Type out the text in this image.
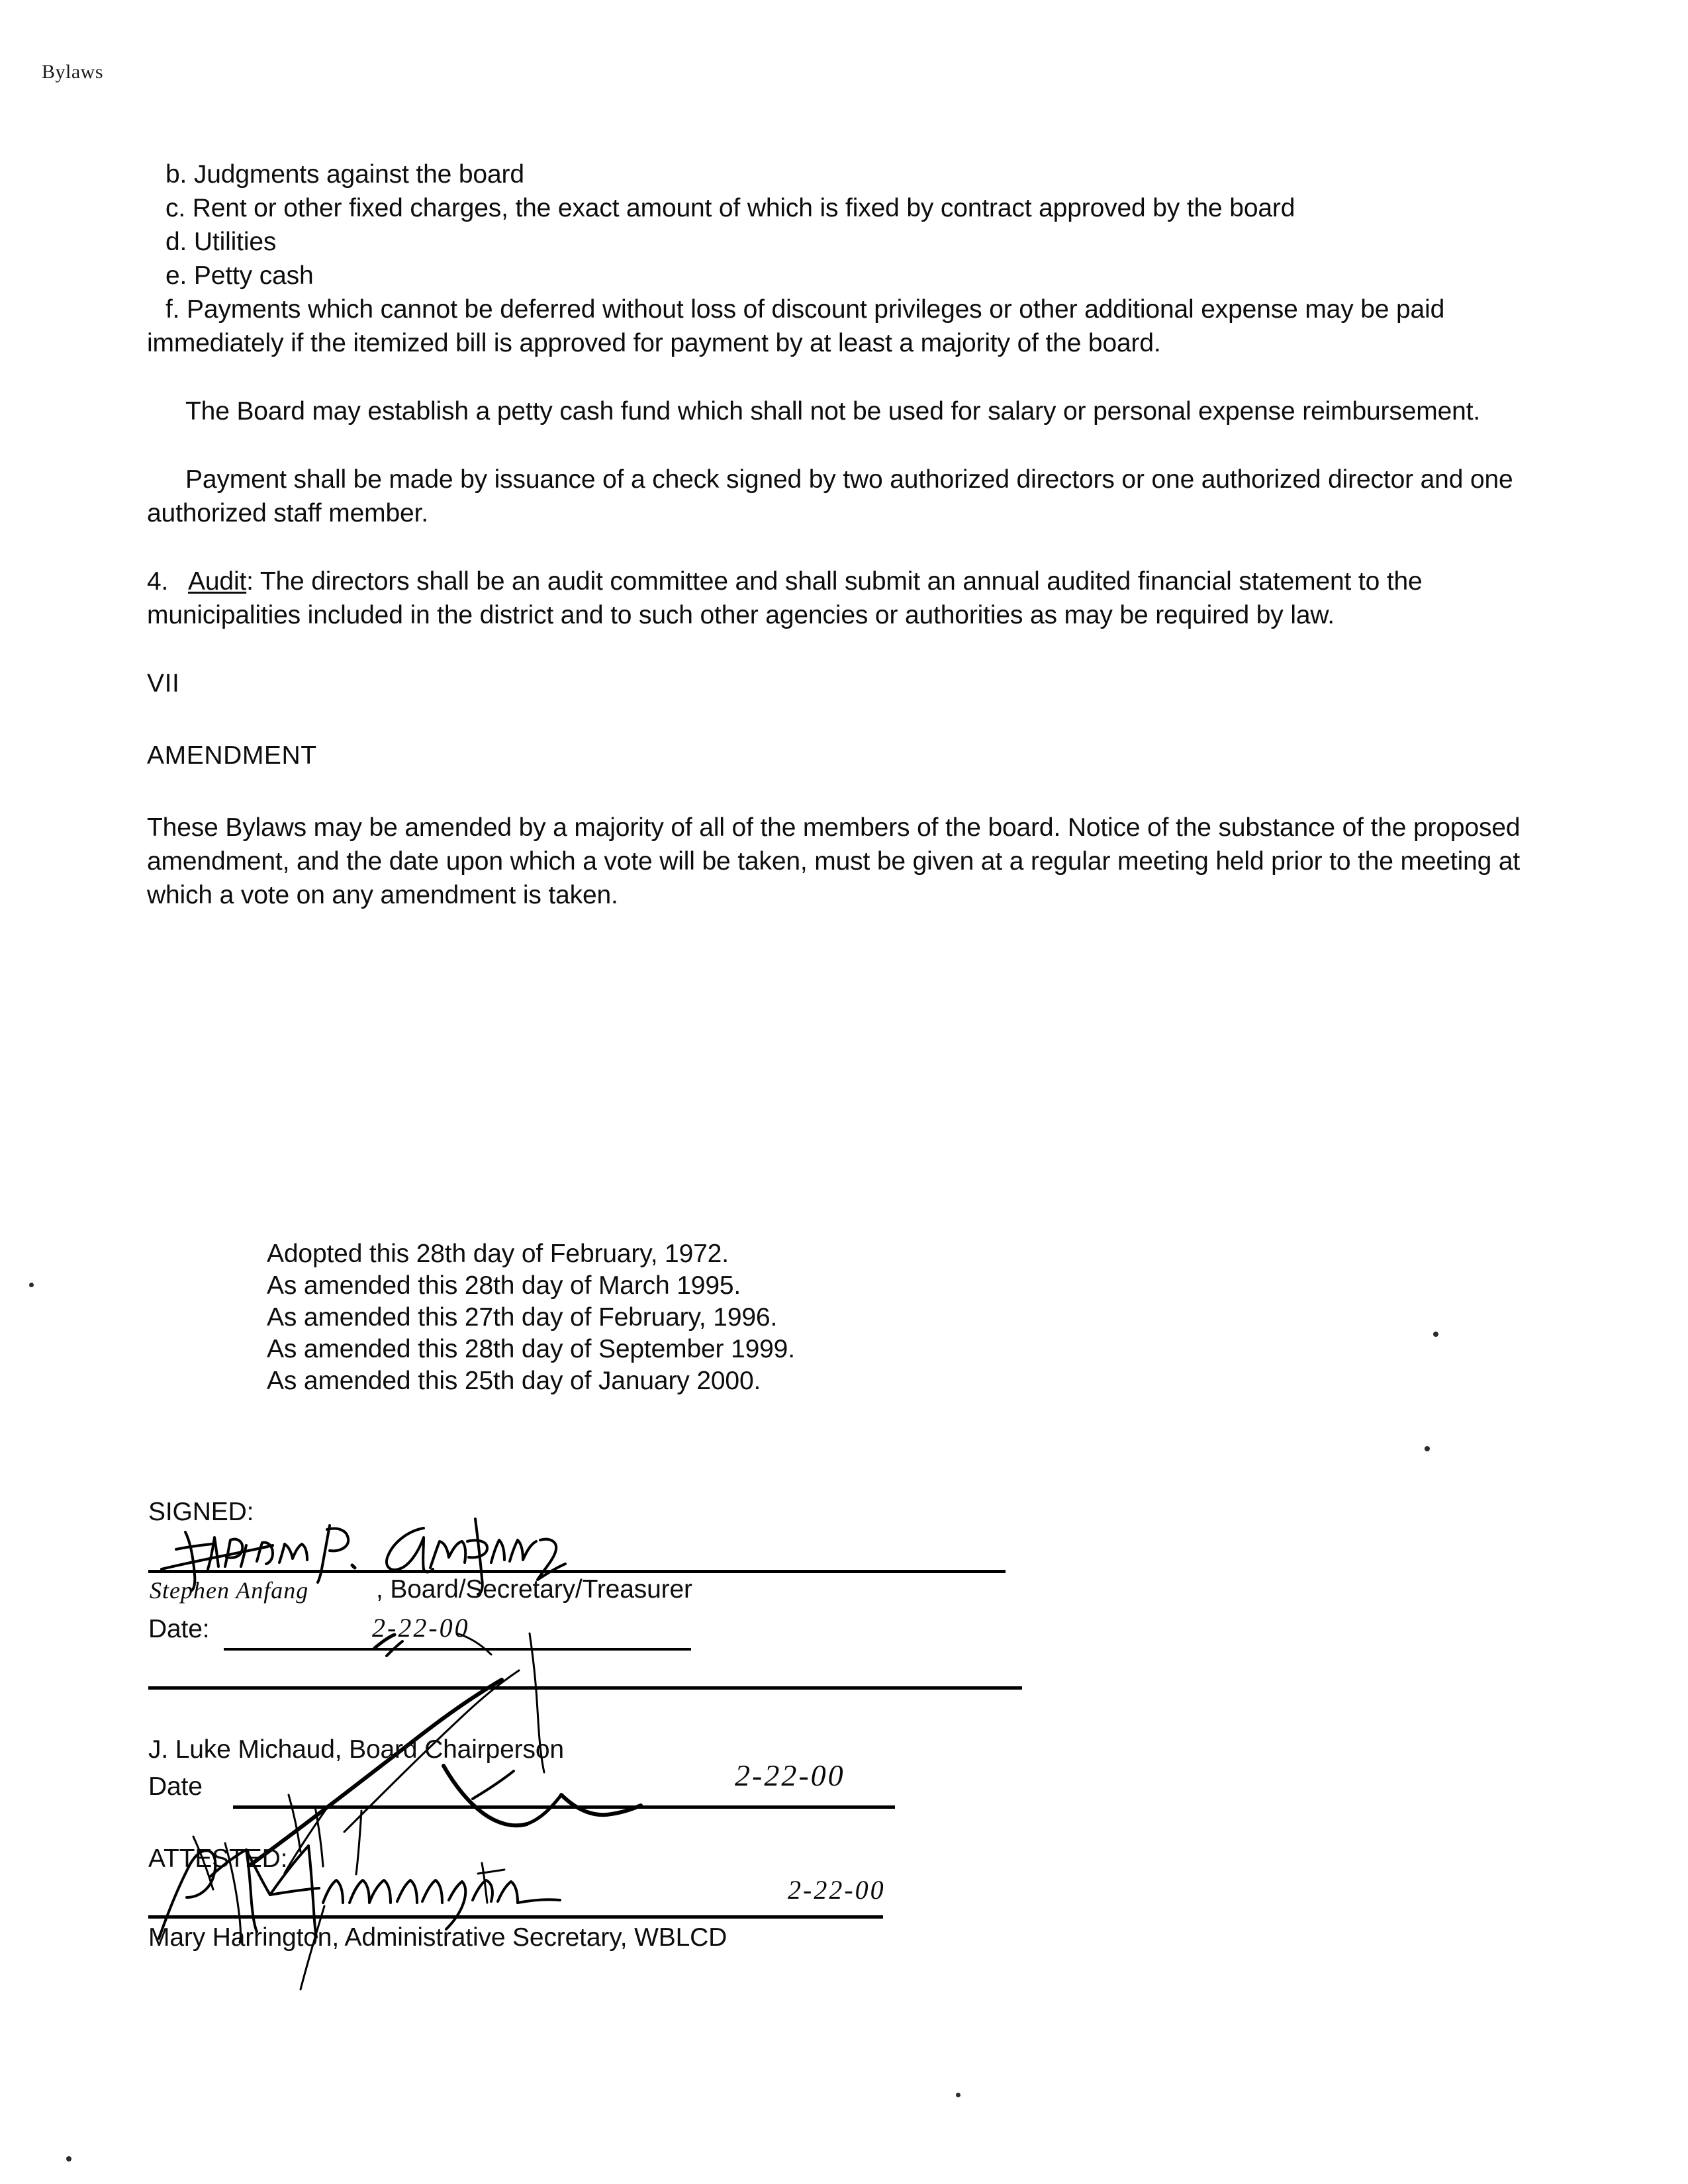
Bylaws

b. Judgments against the board

c. Rent or other fixed charges, the exact amount of which is fixed by contract approved by the board

d. Utilities

e. Petty cash

f. Payments which cannot be deferred without loss of discount privileges or other additional expense may be paid immediately if the itemized bill is approved for payment by at least a majority of the board.

The Board may establish a petty cash fund which shall not be used for salary or personal expense reimbursement.

Payment shall be made by issuance of a check signed by two authorized directors or one authorized director and one authorized staff member.

4. Audit: The directors shall be an audit committee and shall submit an annual audited financial statement to the municipalities included in the district and to such other agencies or authorities as may be required by law.

VII

AMENDMENT

These Bylaws may be amended by a majority of all of the members of the board. Notice of the substance of the proposed amendment, and the date upon which a vote will be taken, must be given at a regular meeting held prior to the meeting at which a vote on any amendment is taken.

Adopted this 28th day of February, 1972.
As amended this 28th day of March 1995.
As amended this 27th day of February, 1996.
As amended this 28th day of September 1999.
As amended this 25th day of January 2000.
SIGNED:
Stephen Anfang	, Board/Secretary/Treasurer
Date:	2-22-00
J. Luke Michaud, Board Chairperson
Date	2-22-00
ATTESTED:
2-22-00
Mary Harrington, Administrative Secretary, WBLCD
